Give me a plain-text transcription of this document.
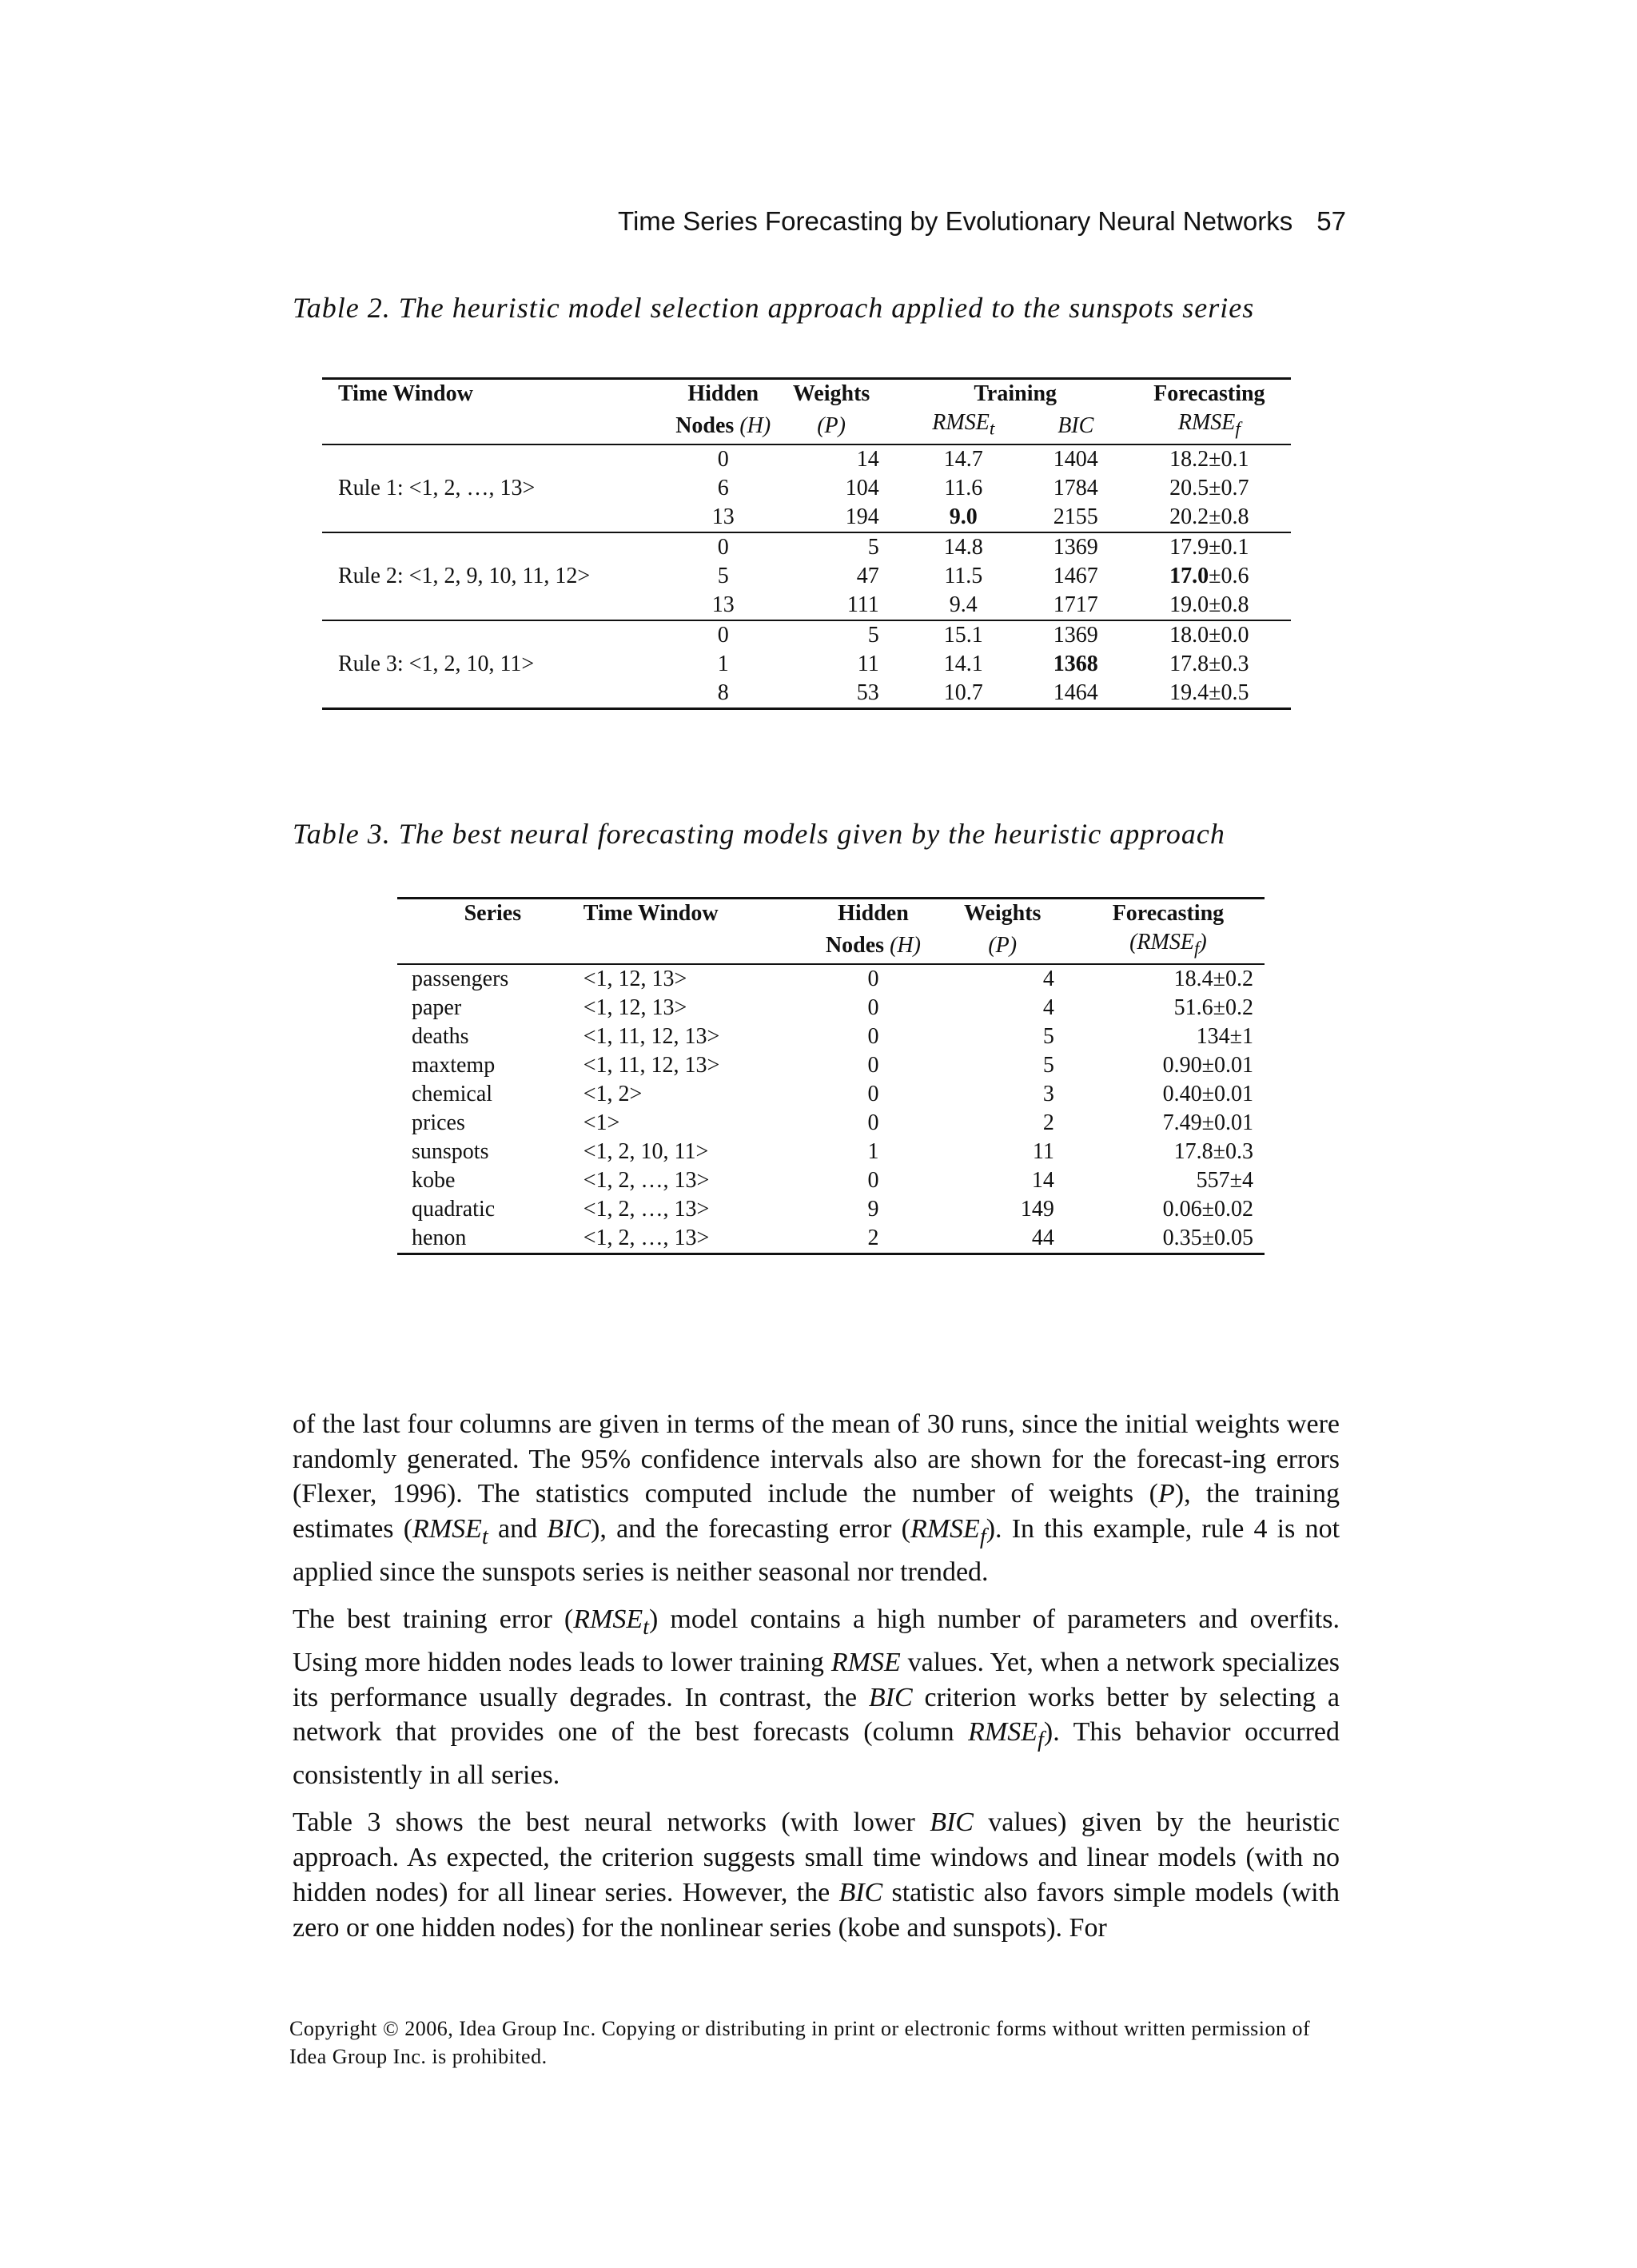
Time Series Forecasting by Evolutionary Neural Networks 57
Table 2. The heuristic model selection approach applied to the sunspots series
Time Window	Hidden	Weights	Training		Forecasting
	Nodes (H)	(P)	$RMSE_t$	BIC	$RMSE_f$
	0	14	14.7	1404	18.2±0.1
Rule 1: <1, 2, …, 13>	6	104	11.6	1784	20.5±0.7
	13	194	9.0	2155	20.2±0.8
	0	5	14.8	1369	17.9±0.1
Rule 2: <1, 2, 9, 10, 11, 12>	5	47	11.5	1467	17.0±0.6
	13	111	9.4	1717	19.0±0.8
	0	5	15.1	1369	18.0±0.0
Rule 3: <1, 2, 10, 11>	1	11	14.1	1368	17.8±0.3
	8	53	10.7	1464	19.4±0.5
Table 3. The best neural forecasting models given by the heuristic approach
Series	Time Window	Hidden	Weights	Forecasting
		Nodes (H)	(P)	$(RMSE_f)$
passengers	<1, 12, 13>	0	4	18.4±0.2
paper	<1, 12, 13>	0	4	51.6±0.2
deaths	<1, 11, 12, 13>	0	5	134±1
maxtemp	<1, 11, 12, 13>	0	5	0.90±0.01
chemical	<1, 2>	0	3	0.40±0.01
prices	<1>	0	2	7.49±0.01
sunspots	<1, 2, 10, 11>	1	11	17.8±0.3
kobe	<1, 2, …, 13>	0	14	557±4
quadratic	<1, 2, …, 13>	9	149	0.06±0.02
henon	<1, 2, …, 13>	2	44	0.35±0.05

of the last four columns are given in terms of the mean of 30 runs, since the initial weights were randomly generated. The 95% confidence intervals also are shown for the forecast-ing errors (Flexer, 1996). The statistics computed include the number of weights (P), the training estimates ($RMSE_t$ and BIC), and the forecasting error $(RMSE_f)$. In this example, rule 4 is not applied since the sunspots series is neither seasonal nor trended.

The best training error $(RMSE_t)$ model contains a high number of parameters and overfits. Using more hidden nodes leads to lower training RMSE values. Yet, when a network specializes its performance usually degrades. In contrast, the BIC criterion works better by selecting a network that provides one of the best forecasts (column $RMSE_f$). This behavior occurred consistently in all series.

Table 3 shows the best neural networks (with lower BIC values) given by the heuristic approach. As expected, the criterion suggests small time windows and linear models (with no hidden nodes) for all linear series. However, the BIC statistic also favors simple models (with zero or one hidden nodes) for the nonlinear series (kobe and sunspots). For

Copyright © 2006, Idea Group Inc. Copying or distributing in print or electronic forms without written permission of Idea Group Inc. is prohibited.
